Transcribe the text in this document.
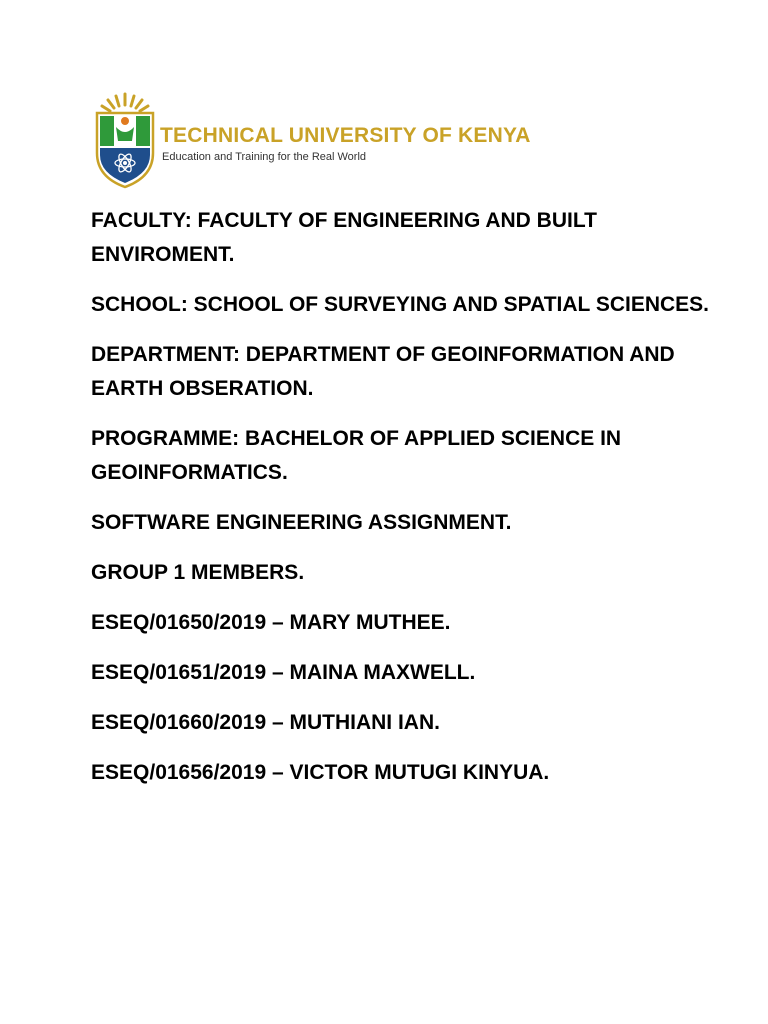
TECHNICAL UNIVERSITY OF KENYA
Education and Training for the Real World

FACULTY: FACULTY OF ENGINEERING AND BUILT ENVIROMENT.

SCHOOL: SCHOOL OF SURVEYING AND SPATIAL SCIENCES.

DEPARTMENT: DEPARTMENT OF GEOINFORMATION AND EARTH OBSERATION.

PROGRAMME: BACHELOR OF APPLIED SCIENCE IN GEOINFORMATICS.

SOFTWARE ENGINEERING ASSIGNMENT.

GROUP 1 MEMBERS.

ESEQ/01650/2019 – MARY MUTHEE.

ESEQ/01651/2019 – MAINA MAXWELL.

ESEQ/01660/2019 – MUTHIANI IAN.

ESEQ/01656/2019 – VICTOR MUTUGI KINYUA.
